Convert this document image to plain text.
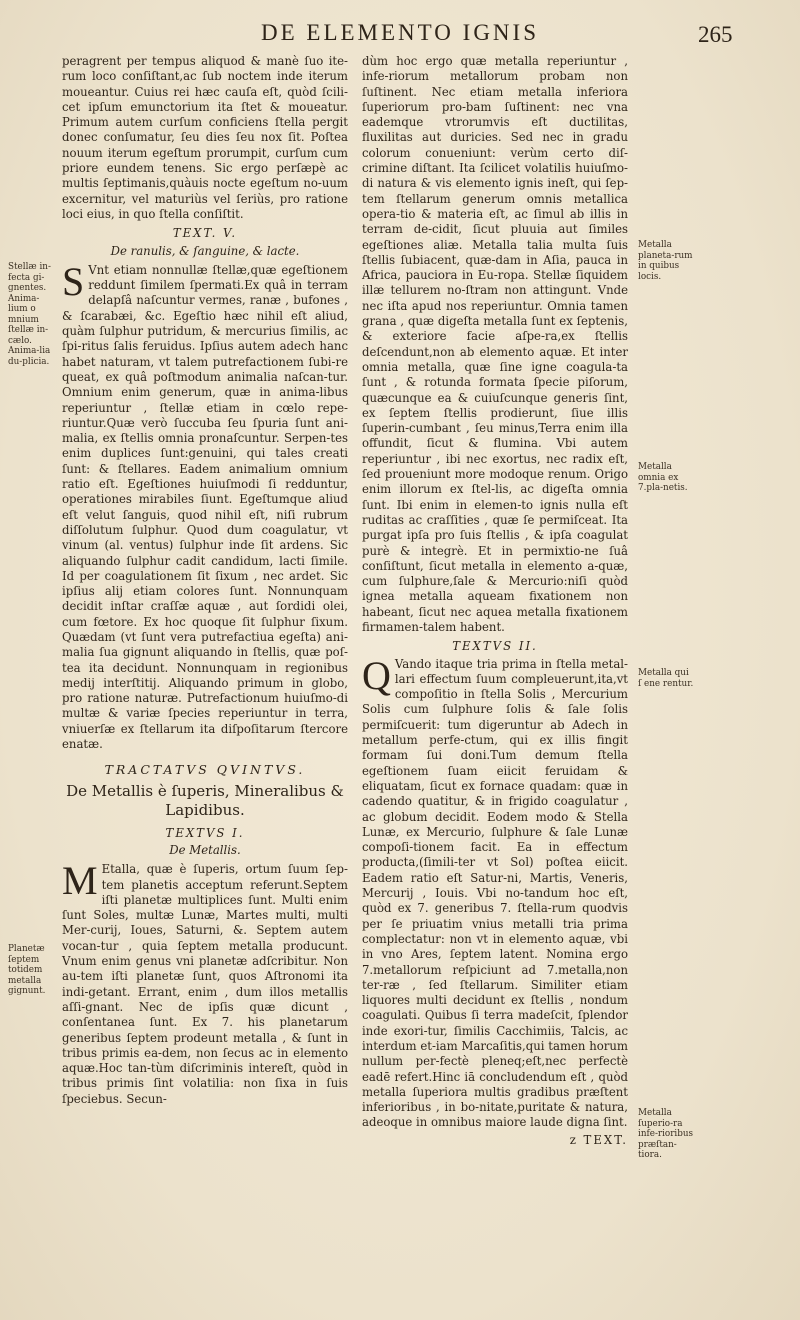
DE ELEMENTO IGNIS	265

peragrent per tempus aliquod & manè ſuo ite-rum loco conſiſtant,ac ſub noctem inde iterum moueantur. Cuius rei hæc cauſa eſt, quòd ſcili-cet ipſum emunctorium ita ſtet & moueatur. Primum autem curſum conficiens ſtella pergit donec conſumatur, ſeu dies ſeu nox ſit. Poſtea nouum iterum egeſtum prorumpit, curſum cum priore eundem tenens. Sic ergo perſæpè ac multis ſeptimanis,quàuis nocte egeſtum no-uum excernitur, vel maturiùs vel ſeriùs, pro ratione loci eius, in quo ſtella conſiſtit.

TEXT. V.
De ranulis, & ſanguine, & lacte.

S Vnt etiam nonnullæ ſtellæ,quæ egeſtionem reddunt ſimilem ſpermati.Ex quâ in terram delapſâ naſcuntur vermes, ranæ , bufones , & ſcarabæi, &c. Egeſtio hæc nihil eſt aliud, quàm ſulphur putridum, & mercurius ſimilis, ac ſpi-ritus ſalis feruidus. Ipſius autem adech hanc habet naturam, vt talem putrefactionem ſubi-re queat, ex quâ poſtmodum animalia naſcan-tur. Omnium enim generum, quæ in anima-libus reperiuntur , ſtellæ etiam in cœlo repe-riuntur.Quæ verò ſuccuba ſeu ſpuria ſunt ani-malia, ex ſtellis omnia pronaſcuntur. Serpen-tes enim duplices ſunt:genuini, qui tales creati ſunt: & ſtellares. Eadem animalium omnium ratio eſt. Egeſtiones huiuſmodi ſi redduntur, operationes mirabiles ſiunt. Egeſtumque aliud eſt velut ſanguis, quod nihil eſt, niſi rubrum diſſolutum ſulphur. Quod dum coagulatur, vt vinum (al. ventus) ſulphur inde ſit ardens. Sic aliquando ſulphur cadit candidum, lacti ſimile. Id per coagulationem ſit ſixum , nec ardet. Sic ipſius alij etiam colores ſunt. Nonnunquam decidit inſtar craſſæ aquæ , aut ſordidi olei, cum fœtore. Ex hoc quoque ſit ſulphur ſixum. Quædam (vt ſunt vera putrefactiua egeſta) ani-malia ſua gignunt aliquando in ſtellis, quæ poſ-tea ita decidunt. Nonnunquam in regionibus medij interſtitij. Aliquando primum in globo, pro ratione naturæ. Putrefactionum huiuſmo-di multæ & variæ ſpecies reperiuntur in terra, vniuerſæ ex ſtellarum ita diſpoſitarum ſtercore enatæ.

TRACTATVS QVINTVS.
De Metallis è ſuperis, Mineralibus & Lapidibus.
TEXTVS I.
De Metallis.

M Etalla, quæ è ſuperis, ortum ſuum ſep-tem planetis acceptum referunt.Septem iſti planetæ multiplices ſunt. Multi enim ſunt Soles, multæ Lunæ, Martes multi, multi Mer-curij, Ioues, Saturni, &. Septem autem vocan-tur , quia ſeptem metalla producunt. Vnum enim genus vni planetæ adſcribitur. Non au-tem iſti planetæ ſunt, quos Aſtronomi ita indi-getant. Errant, enim , dum illos metallis aſſi-gnant. Nec de ipſis quæ dicunt , conſentanea ſunt. Ex 7. his planetarum generibus ſeptem prodeunt metalla , & ſunt in tribus primis ea-dem, non ſecus ac in elemento aquæ.Hoc tan-tùm diſcriminis intereſt, quòd in tribus primis ſint volatilia: non ſixa in ſuis ſpeciebus. Secun-

dùm hoc ergo quæ metalla reperiuntur , infe-riorum metallorum probam non ſuſtinent. Nec etiam metalla inferiora ſuperiorum pro-bam ſuſtinent: nec vna eademque vtrorumvis eſt ductilitas, fluxilitas aut duricies. Sed nec in gradu colorum conueniunt: verùm certo diſ-crimine diſtant. Ita ſcilicet volatilis huiuſmo-di natura & vis elemento ignis ineſt, qui ſep-tem ſtellarum generum omnis metallica opera-tio & materia eſt, ac ſimul ab illis in terram de-cidit, ſicut pluuia aut ſimiles egeſtiones aliæ. Metalla talia multa ſuis ſtellis ſubiacent, quæ-dam in Aſia, pauca in Africa, pauciora in Eu-ropa. Stellæ ſiquidem illæ tellurem no-ſtram non attingunt. Vnde nec iſta apud nos reperiuntur. Omnia tamen grana , quæ digeſta metalla ſunt ex ſeptenis, & exteriore facie aſpe-ra,ex ſtellis deſcendunt,non ab elemento aquæ. Et inter omnia metalla, quæ ſine igne coagula-ta ſunt , & rotunda formata ſpecie piſorum, quæcunque ea & cuiuſcunque generis ſint, ex ſeptem ſtellis prodierunt, ſiue illis ſuperin-cumbant , ſeu minus,Terra enim illa offundit, ſicut & flumina. Vbi autem reperiuntur , ibi nec exortus, nec radix eſt, ſed proueniunt more modoque renum. Origo enim illorum ex ſtel-lis, ac digeſta omnia ſunt. Ibi enim in elemen-to ignis nulla eſt ruditas ac craſſities , quæ ſe permiſceat. Ita purgat ipſa pro ſuis ſtellis , & ipſa coagulat purè & integrè. Et in permixtio-ne ſuâ conſiſtunt, ſicut metalla in elemento a-quæ, cum ſulphure,ſale & Mercurio:niſi quòd ignea metalla aqueam fixationem non habeant, ſicut nec aquea metalla fixationem firmamen-talem habent.

TEXTVS II.

Q Vando itaque tria prima in ſtella metal-lari effectum ſuum compleuerunt,ita,vt compoſitio in ſtella Solis , Mercurium Solis cum ſulphure ſolis & ſale ſolis permiſcuerit: tum digeruntur ab Adech in metallum perfe-ctum, qui ex illis fingit formam ſui doni.Tum demum ſtella egeſtionem ſuam eiicit feruidam & eliquatam, ſicut ex fornace quadam: quæ in cadendo quatitur, & in frigido coagulatur , ac globum decidit. Eodem modo & Stella Lunæ, ex Mercurio, ſulphure & ſale Lunæ compoſi-tionem facit. Ea in effectum producta,(ſimili-ter vt Sol) poſtea eiicit. Eadem ratio eſt Satur-ni, Martis, Veneris, Mercurij , Iouis. Vbi no-tandum hoc eſt, quòd ex 7. generibus 7. ſtella-rum quodvis per ſe priuatim vnius metalli tria prima complectatur: non vt in elemento aquæ, vbi in vno Ares, ſeptem latent. Nomina ergo 7.metallorum reſpiciunt ad 7.metalla,non ter-ræ , ſed ſtellarum. Similiter etiam liquores multi decidunt ex ſtellis , nondum coagulati. Quibus ſi terra madeſcit, ſplendor inde exori-tur, ſimilis Cacchimiis, Talcis, ac interdum et-iam Marcaſitis,qui tamen horum nullum per-fectè pleneq;eſt,nec perfectè eadē refert.Hinc iā concludendum eſt , quòd metalla ſuperiora multis gradibus præſtent inferioribus , in bo-nitate,puritate & natura, adeoque in omnibus maiore laude digna ſint.

z TEXT.
Stellæ in-fecta gi-gnentes. Anima-lium o mnium ſtellæ in-cælo. Anima-lia du-plicia.
Planetæ ſeptem totidem metalla gignunt.
Metalla planeta-rum in quibus locis.
Metalla omnia ex 7.pla-netis.
Metalla qui ſ ene rentur.
Metalla ſuperio-ra infe-rioribus præſtan-tiora.
